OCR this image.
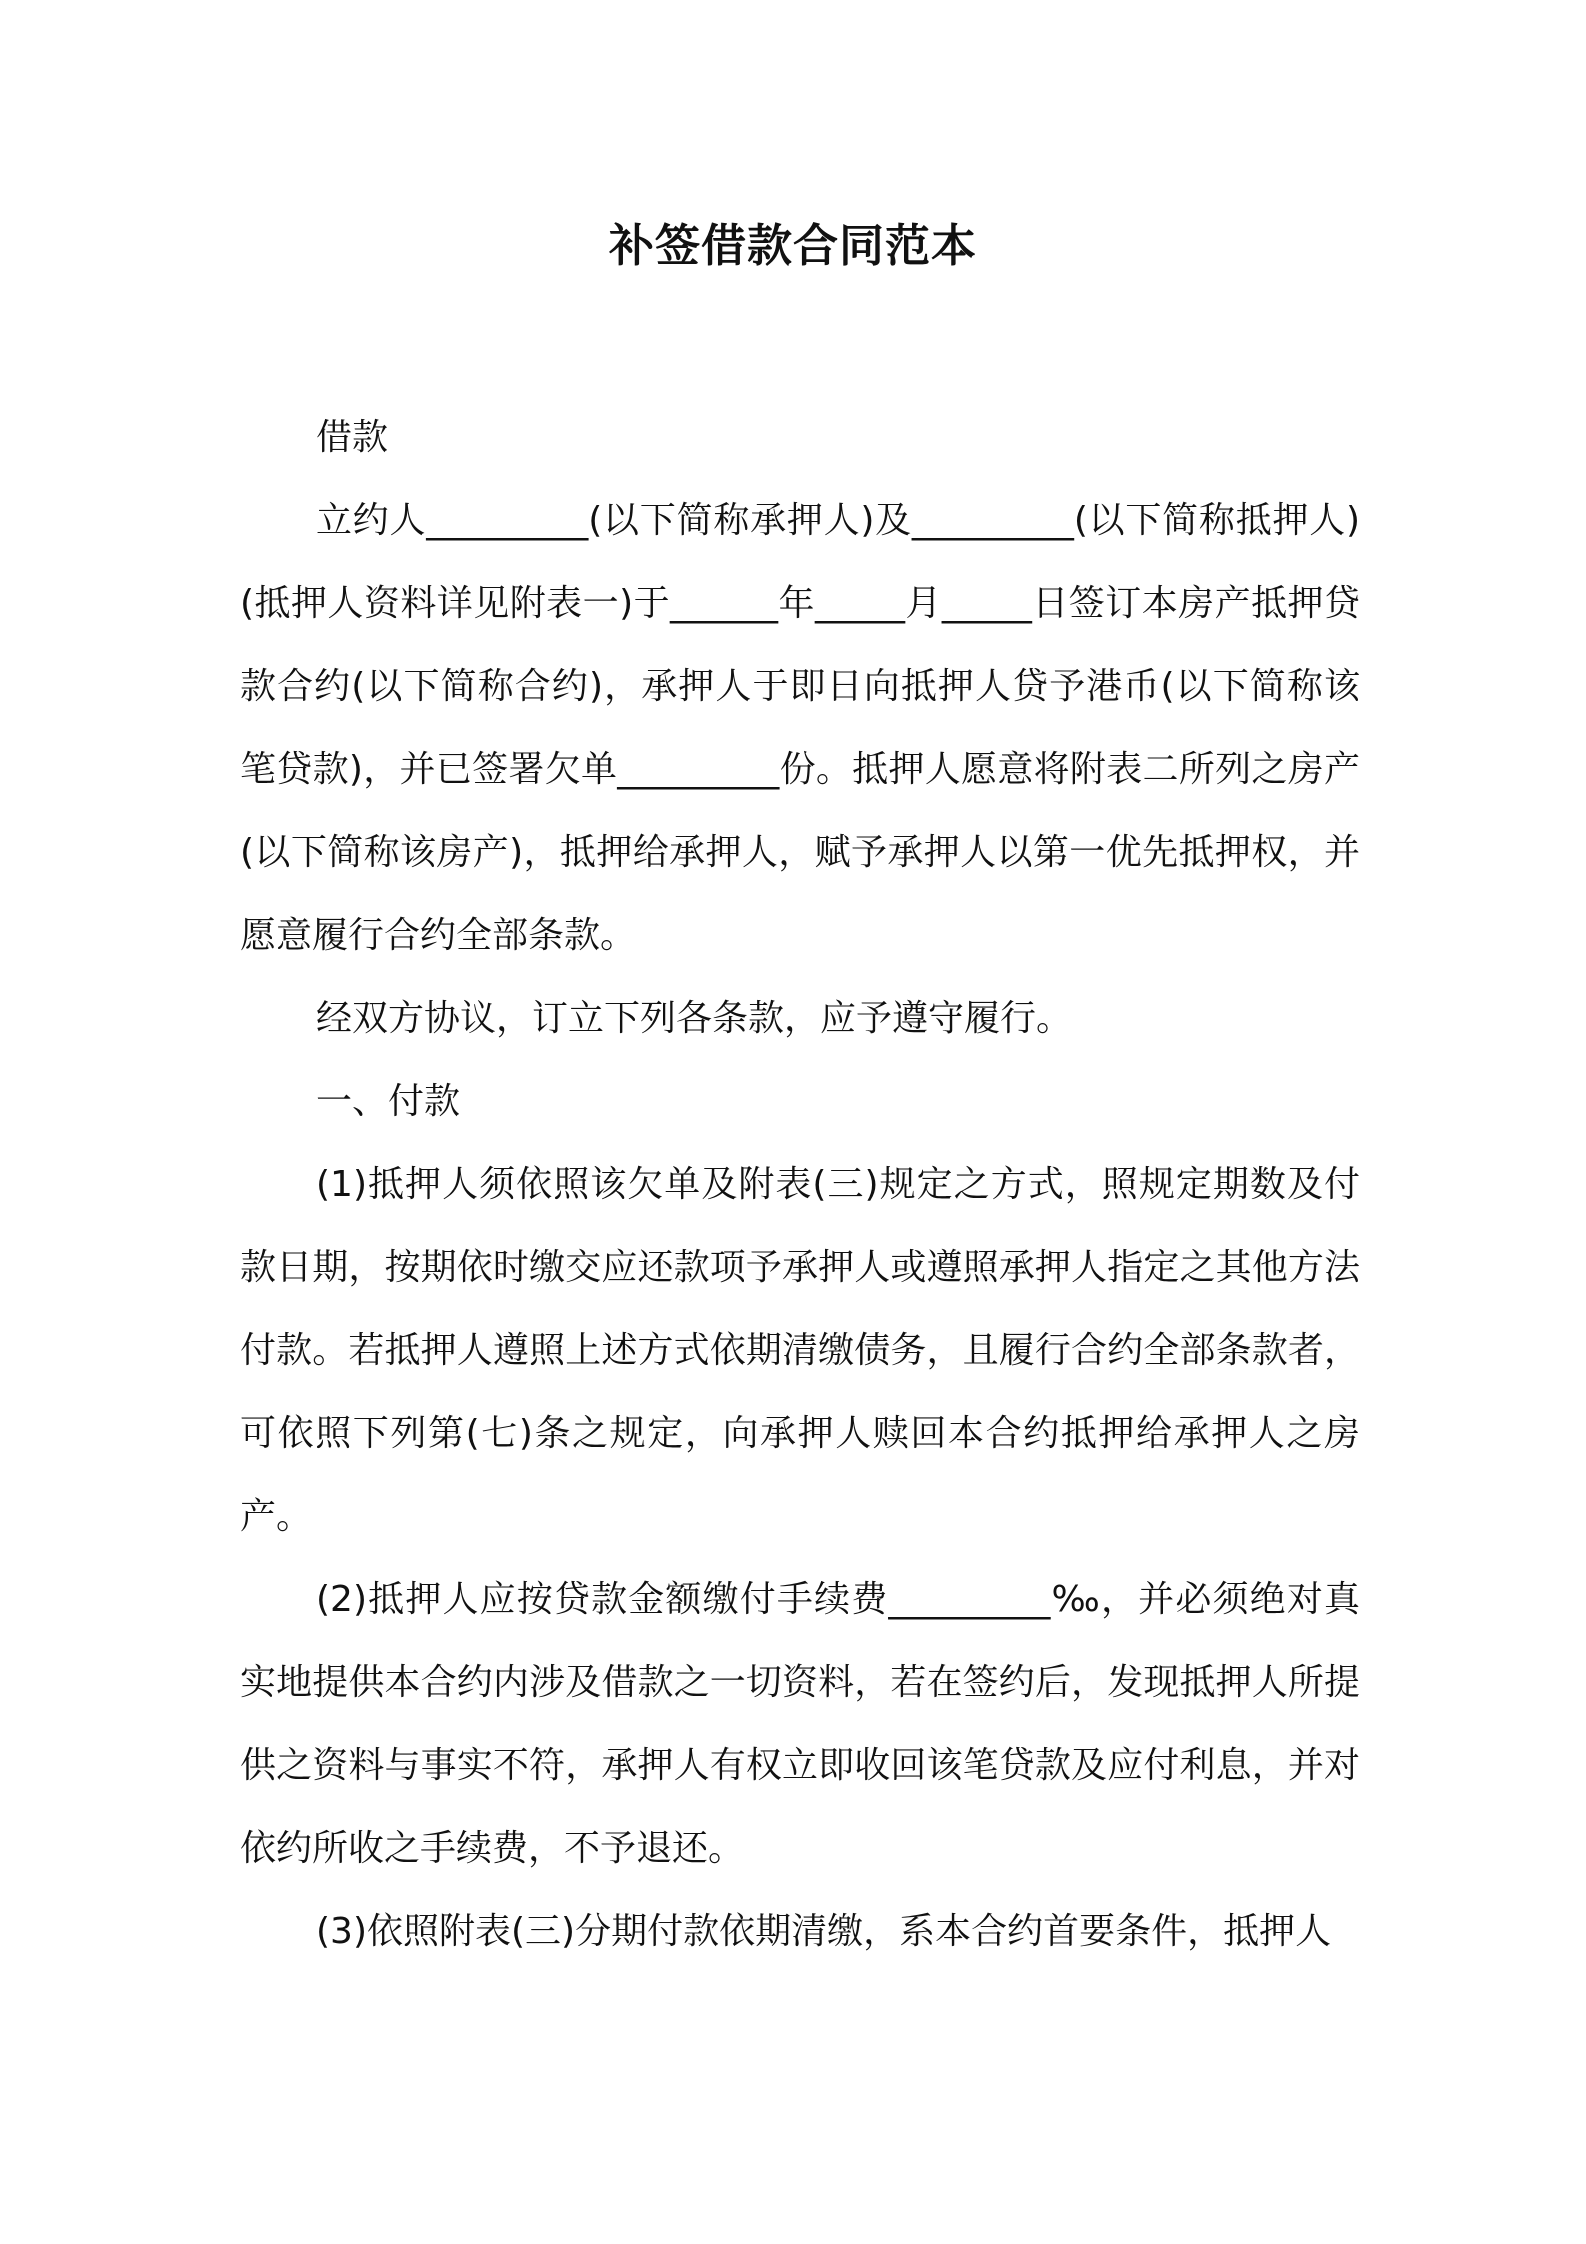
补签借款合同范本

借款

立约人_________(以下简称承押人)及_________(以下简称抵押人)(抵押人资料详见附表一)于______年_____月_____日签订本房产抵押贷款合约(以下简称合约)，承押人于即日向抵押人贷予港币(以下简称该笔贷款)，并已签署欠单_________份。抵押人愿意将附表二所列之房产(以下简称该房产)，抵押给承押人，赋予承押人以第一优先抵押权，并愿意履行合约全部条款。

经双方协议，订立下列各条款，应予遵守履行。

一、付款

(1)抵押人须依照该欠单及附表(三)规定之方式，照规定期数及付款日期，按期依时缴交应还款项予承押人或遵照承押人指定之其他方法付款。若抵押人遵照上述方式依期清缴债务，且履行合约全部条款者，可依照下列第(七)条之规定，向承押人赎回本合约抵押给承押人之房产。

(2)抵押人应按贷款金额缴付手续费_________‰，并必须绝对真实地提供本合约内涉及借款之一切资料，若在签约后，发现抵押人所提供之资料与事实不符，承押人有权立即收回该笔贷款及应付利息，并对依约所收之手续费，不予退还。

(3)依照附表(三)分期付款依期清缴，系本合约首要条件，抵押人
